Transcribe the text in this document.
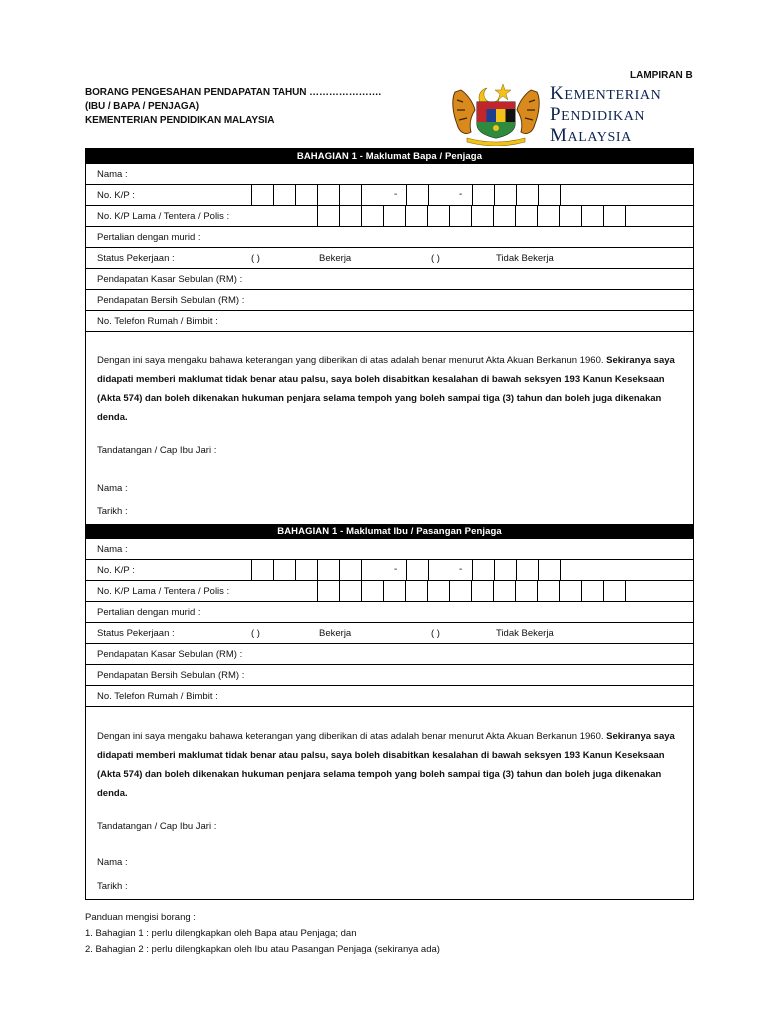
LAMPIRAN B
BORANG PENGESAHAN PENDAPATAN TAHUN ………………….
(IBU / BAPA / PENJAGA)
KEMENTERIAN PENDIDIKAN MALAYSIA
KEMENTERIAN
PENDIDIKAN
MALAYSIA
BAHAGIAN 1 - Maklumat Bapa / Penjaga
Nama :
No. K/P :	-	-
No. K/P Lama / Tentera / Polis :
Pertalian dengan murid :
Status Pekerjaan :	( )	Bekerja	( )	Tidak Bekerja
Pendapatan Kasar Sebulan (RM) :
Pendapatan Bersih Sebulan (RM) :
No. Telefon Rumah / Bimbit :
Dengan ini saya mengaku bahawa keterangan yang diberikan di atas adalah benar menurut Akta Akuan Berkanun 1960. Sekiranya saya didapati memberi maklumat tidak benar atau palsu, saya boleh disabitkan kesalahan di bawah seksyen 193 Kanun Keseksaan (Akta 574) dan boleh dikenakan hukuman penjara selama tempoh yang boleh sampai tiga (3) tahun dan boleh juga dikenakan denda.
Tandatangan / Cap Ibu Jari :
Nama :
Tarikh :
BAHAGIAN 1 - Maklumat Ibu / Pasangan Penjaga
Nama :
No. K/P :	-	-
No. K/P Lama / Tentera / Polis :
Pertalian dengan murid :
Status Pekerjaan :	( )	Bekerja	( )	Tidak Bekerja
Pendapatan Kasar Sebulan (RM) :
Pendapatan Bersih Sebulan (RM) :
No. Telefon Rumah / Bimbit :
Dengan ini saya mengaku bahawa keterangan yang diberikan di atas adalah benar menurut Akta Akuan Berkanun 1960. Sekiranya saya didapati memberi maklumat tidak benar atau palsu, saya boleh disabitkan kesalahan di bawah seksyen 193 Kanun Keseksaan (Akta 574) dan boleh dikenakan hukuman penjara selama tempoh yang boleh sampai tiga (3) tahun dan boleh juga dikenakan denda.
Tandatangan / Cap Ibu Jari :
Nama :
Tarikh :
Panduan mengisi borang :
1. Bahagian 1 : perlu dilengkapkan oleh Bapa atau Penjaga; dan
2. Bahagian 2 : perlu dilengkapkan oleh Ibu atau Pasangan Penjaga (sekiranya ada)
